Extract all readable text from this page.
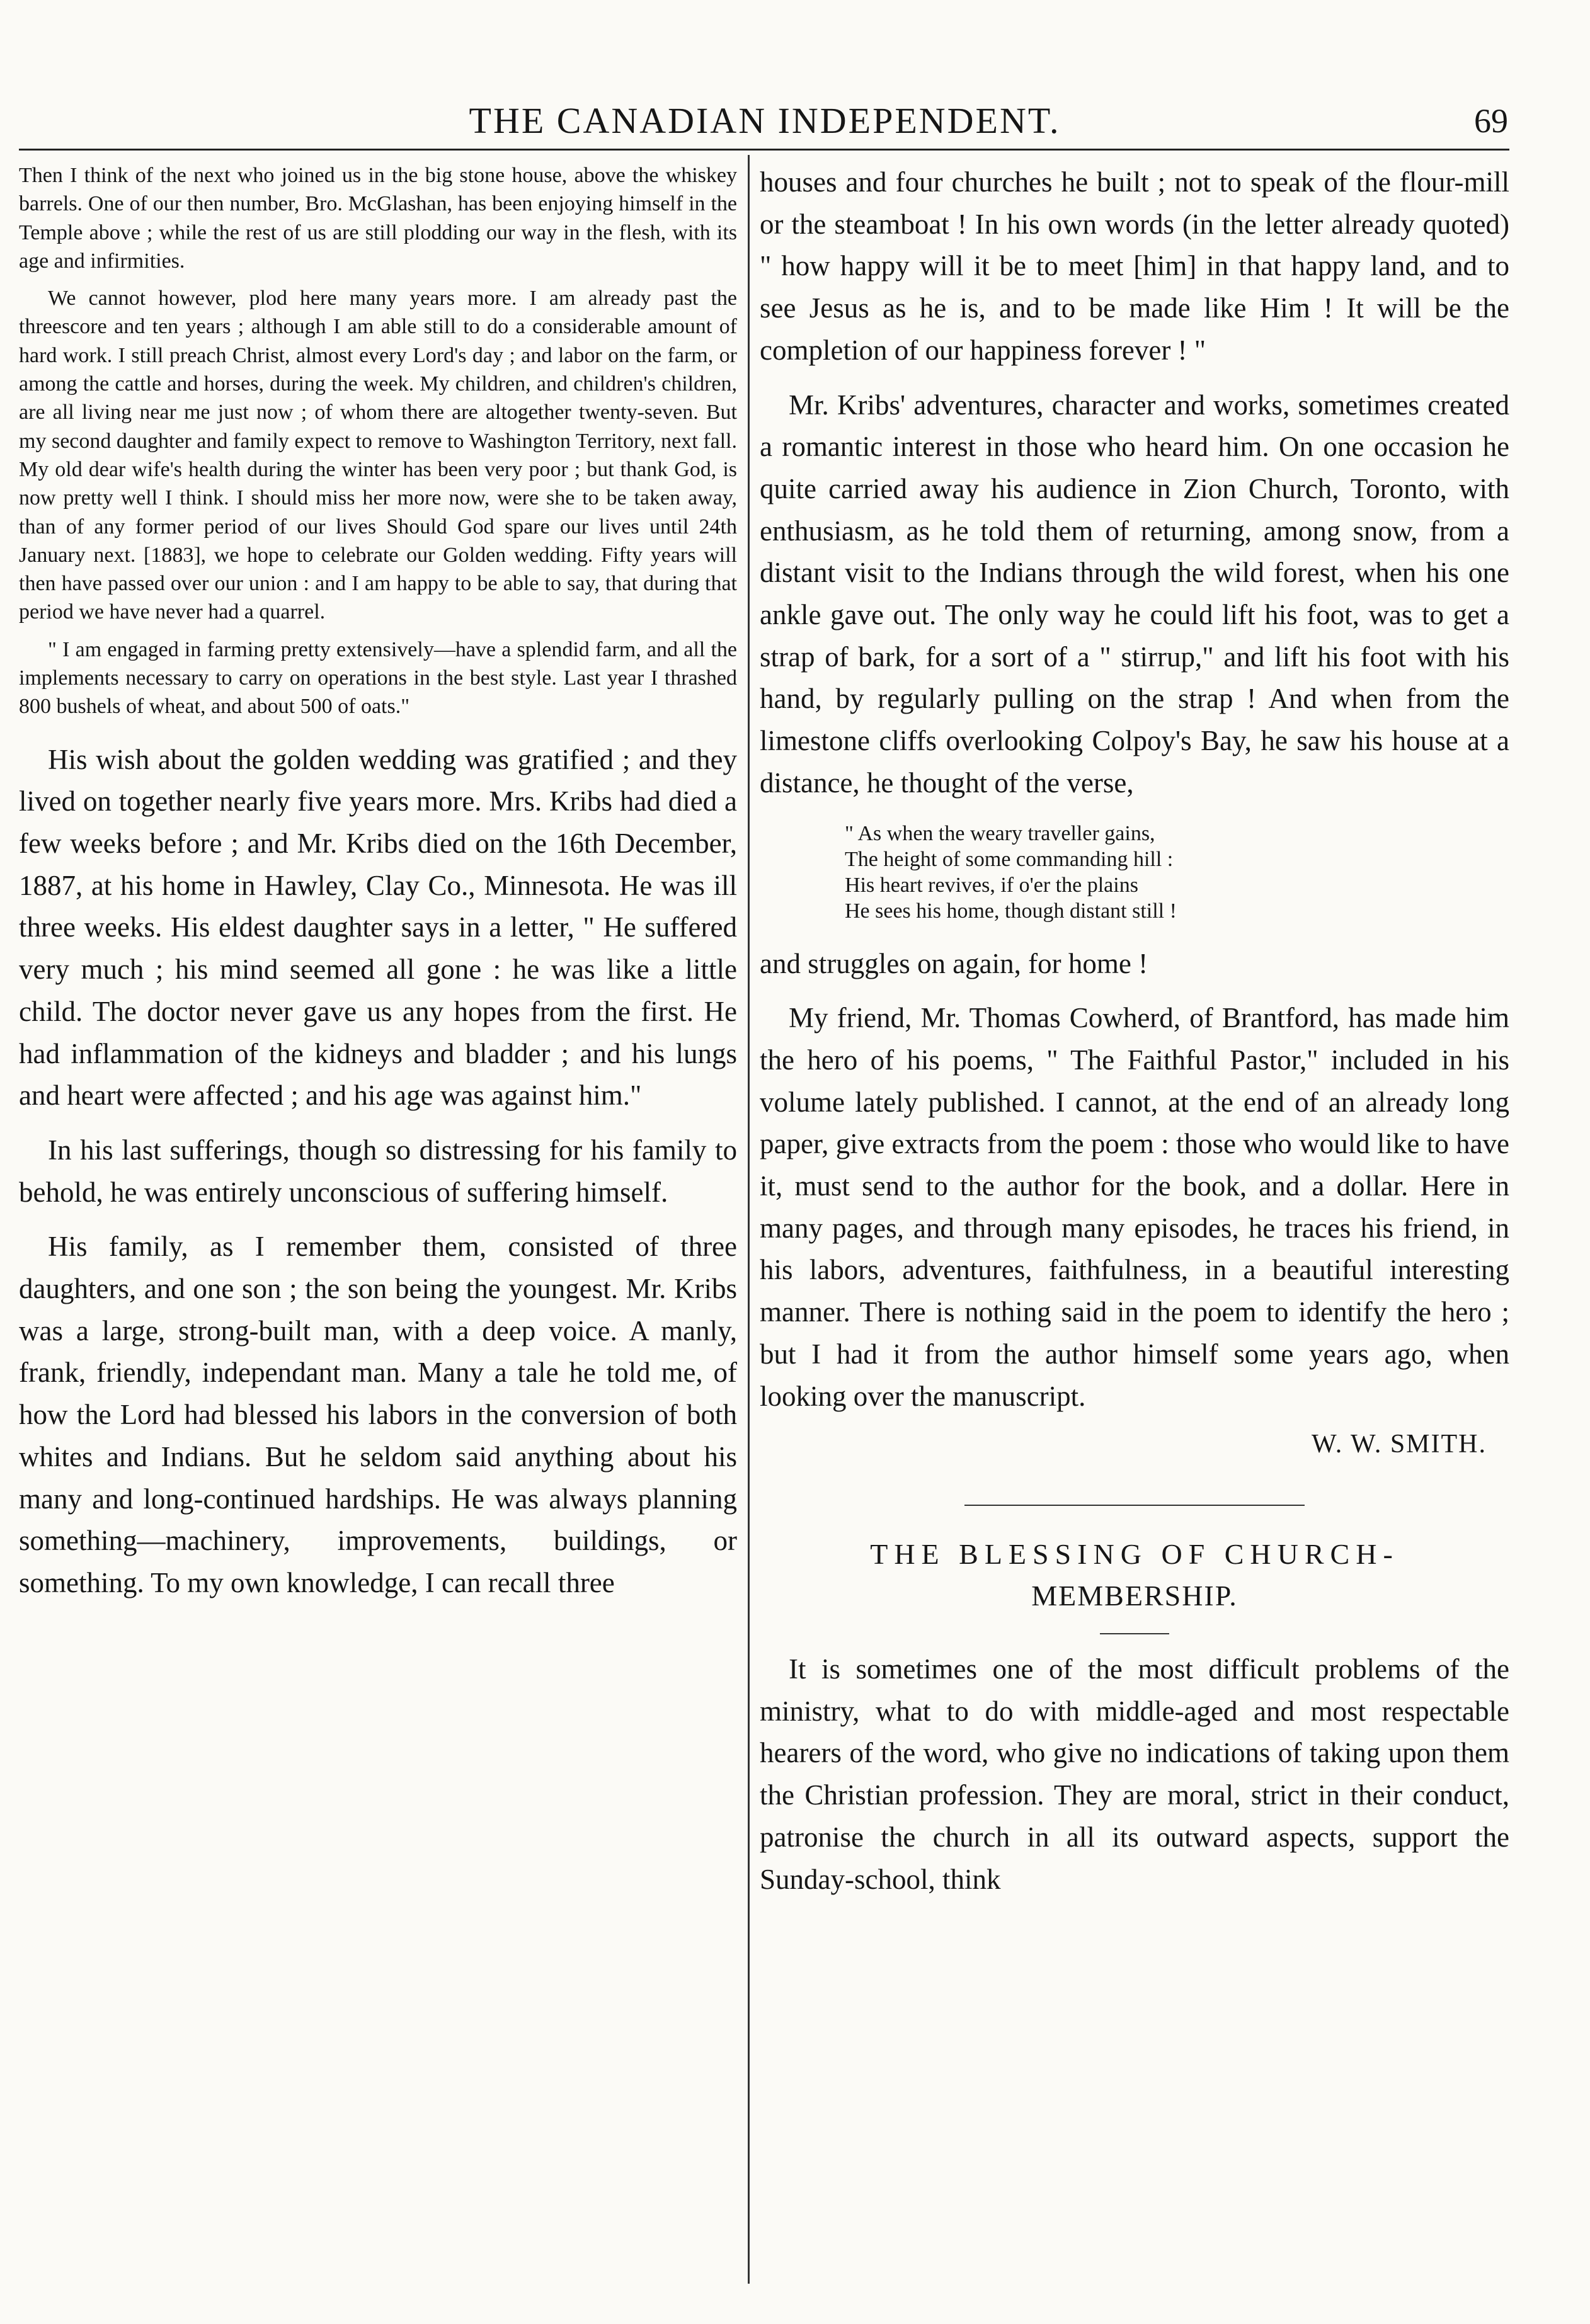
THE CANADIAN INDEPENDENT.	69

Then I think of the next who joined us in the big stone house, above the whiskey barrels. One of our then number, Bro. McGlashan, has been enjoying himself in the Temple above ; while the rest of us are still plodding our way in the flesh, with its age and infirmities.

We cannot however, plod here many years more. I am already past the threescore and ten years ; although I am able still to do a considerable amount of hard work. I still preach Christ, almost every Lord's day ; and labor on the farm, or among the cattle and horses, during the week. My children, and children's children, are all living near me just now ; of whom there are altogether twenty-seven. But my second daughter and family expect to remove to Washington Territory, next fall. My old dear wife's health during the winter has been very poor ; but thank God, is now pretty well I think. I should miss her more now, were she to be taken away, than of any former period of our lives Should God spare our lives until 24th January next. [1883], we hope to celebrate our Golden wedding. Fifty years will then have passed over our union : and I am happy to be able to say, that during that period we have never had a quarrel.

" I am engaged in farming pretty extensively—have a splendid farm, and all the implements necessary to carry on operations in the best style. Last year I thrashed 800 bushels of wheat, and about 500 of oats."

His wish about the golden wedding was gratified ; and they lived on together nearly five years more. Mrs. Kribs had died a few weeks before ; and Mr. Kribs died on the 16th December, 1887, at his home in Hawley, Clay Co., Minnesota. He was ill three weeks. His eldest daughter says in a letter, " He suffered very much ; his mind seemed all gone : he was like a little child. The doctor never gave us any hopes from the first. He had inflammation of the kidneys and bladder ; and his lungs and heart were affected ; and his age was against him."

In his last sufferings, though so distressing for his family to behold, he was entirely unconscious of suffering himself.

His family, as I remember them, consisted of three daughters, and one son ; the son being the youngest. Mr. Kribs was a large, strong-built man, with a deep voice. A manly, frank, friendly, independant man. Many a tale he told me, of how the Lord had blessed his labors in the conversion of both whites and Indians. But he seldom said anything about his many and long-continued hardships. He was always planning something—machinery, improvements, buildings, or something. To my own knowledge, I can recall three

houses and four churches he built ; not to speak of the flour-mill or the steamboat ! In his own words (in the letter already quoted) " how happy will it be to meet [him] in that happy land, and to see Jesus as he is, and to be made like Him ! It will be the completion of our happiness forever ! "

Mr. Kribs' adventures, character and works, sometimes created a romantic interest in those who heard him. On one occasion he quite carried away his audience in Zion Church, Toronto, with enthusiasm, as he told them of returning, among snow, from a distant visit to the Indians through the wild forest, when his one ankle gave out. The only way he could lift his foot, was to get a strap of bark, for a sort of a " stirrup," and lift his foot with his hand, by regularly pulling on the strap ! And when from the limestone cliffs overlooking Colpoy's Bay, he saw his house at a distance, he thought of the verse,

" As when the weary traveller gains,
The height of some commanding hill :
His heart revives, if o'er the plains
He sees his home, though distant still !

and struggles on again, for home !

My friend, Mr. Thomas Cowherd, of Brantford, has made him the hero of his poems, " The Faithful Pastor," included in his volume lately published. I cannot, at the end of an already long paper, give extracts from the poem : those who would like to have it, must send to the author for the book, and a dollar. Here in many pages, and through many episodes, he traces his friend, in his labors, adventures, faithfulness, in a beautiful interesting manner. There is nothing said in the poem to identify the hero ; but I had it from the author himself some years ago, when looking over the manuscript.

W. W. SMITH.
THE BLESSING OF CHURCH-
MEMBERSHIP.

It is sometimes one of the most difficult problems of the ministry, what to do with middle-aged and most respectable hearers of the word, who give no indications of taking upon them the Christian profession. They are moral, strict in their conduct, patronise the church in all its outward aspects, support the Sunday-school, think
